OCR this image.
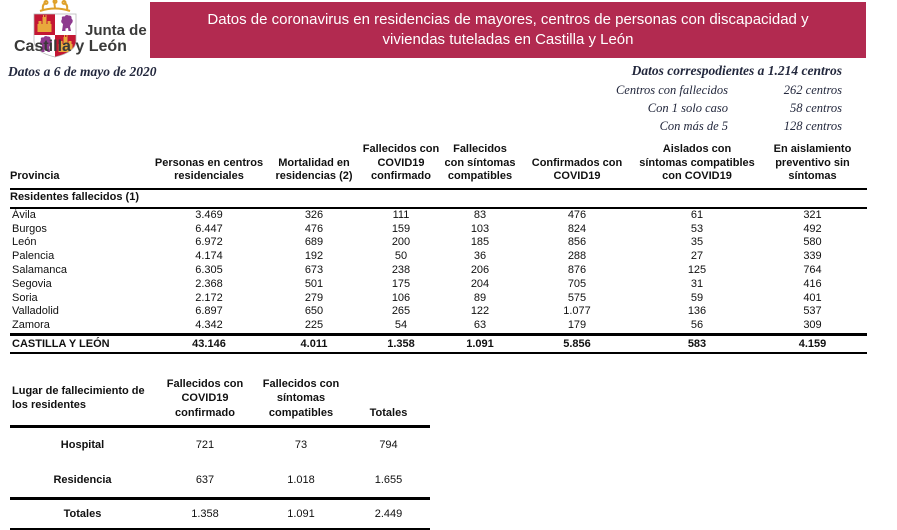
Junta de
Castilla y León
Datos de coronavirus en residencias de mayores, centros de personas con discapacidad y viviendas tuteladas en Castilla y León
Datos a 6 de mayo de 2020	Datos correspodientes a 1.214 centros
Centros con fallecidos	262 centros
Con 1 solo caso	58 centros
Con más de 5	128 centros
Provincia	Personas en centros residenciales	Mortalidad en residencias (2)	Fallecidos con COVID19 confirmado	Fallecidos con síntomas compatibles	Confirmados con COVID19	Aislados con síntomas compatibles con COVID19	En aislamiento preventivo sin síntomas
Residentes fallecidos (1)							
Ávila	3.469	326	111	83	476	61	321
Burgos	6.447	476	159	103	824	53	492
León	6.972	689	200	185	856	35	580
Palencia	4.174	192	50	36	288	27	339
Salamanca	6.305	673	238	206	876	125	764
Segovia	2.368	501	175	204	705	31	416
Soria	2.172	279	106	89	575	59	401
Valladolid	6.897	650	265	122	1.077	136	537
Zamora	4.342	225	54	63	179	56	309
CASTILLA Y LEÓN	43.146	4.011	1.358	1.091	5.856	583	4.159
Lugar de fallecimiento de los residentes	Fallecidos con COVID19 confirmado	Fallecidos con síntomas compatibles	Totales
Hospital	721	73	794
Residencia	637	1.018	1.655
Totales	1.358	1.091	2.449
